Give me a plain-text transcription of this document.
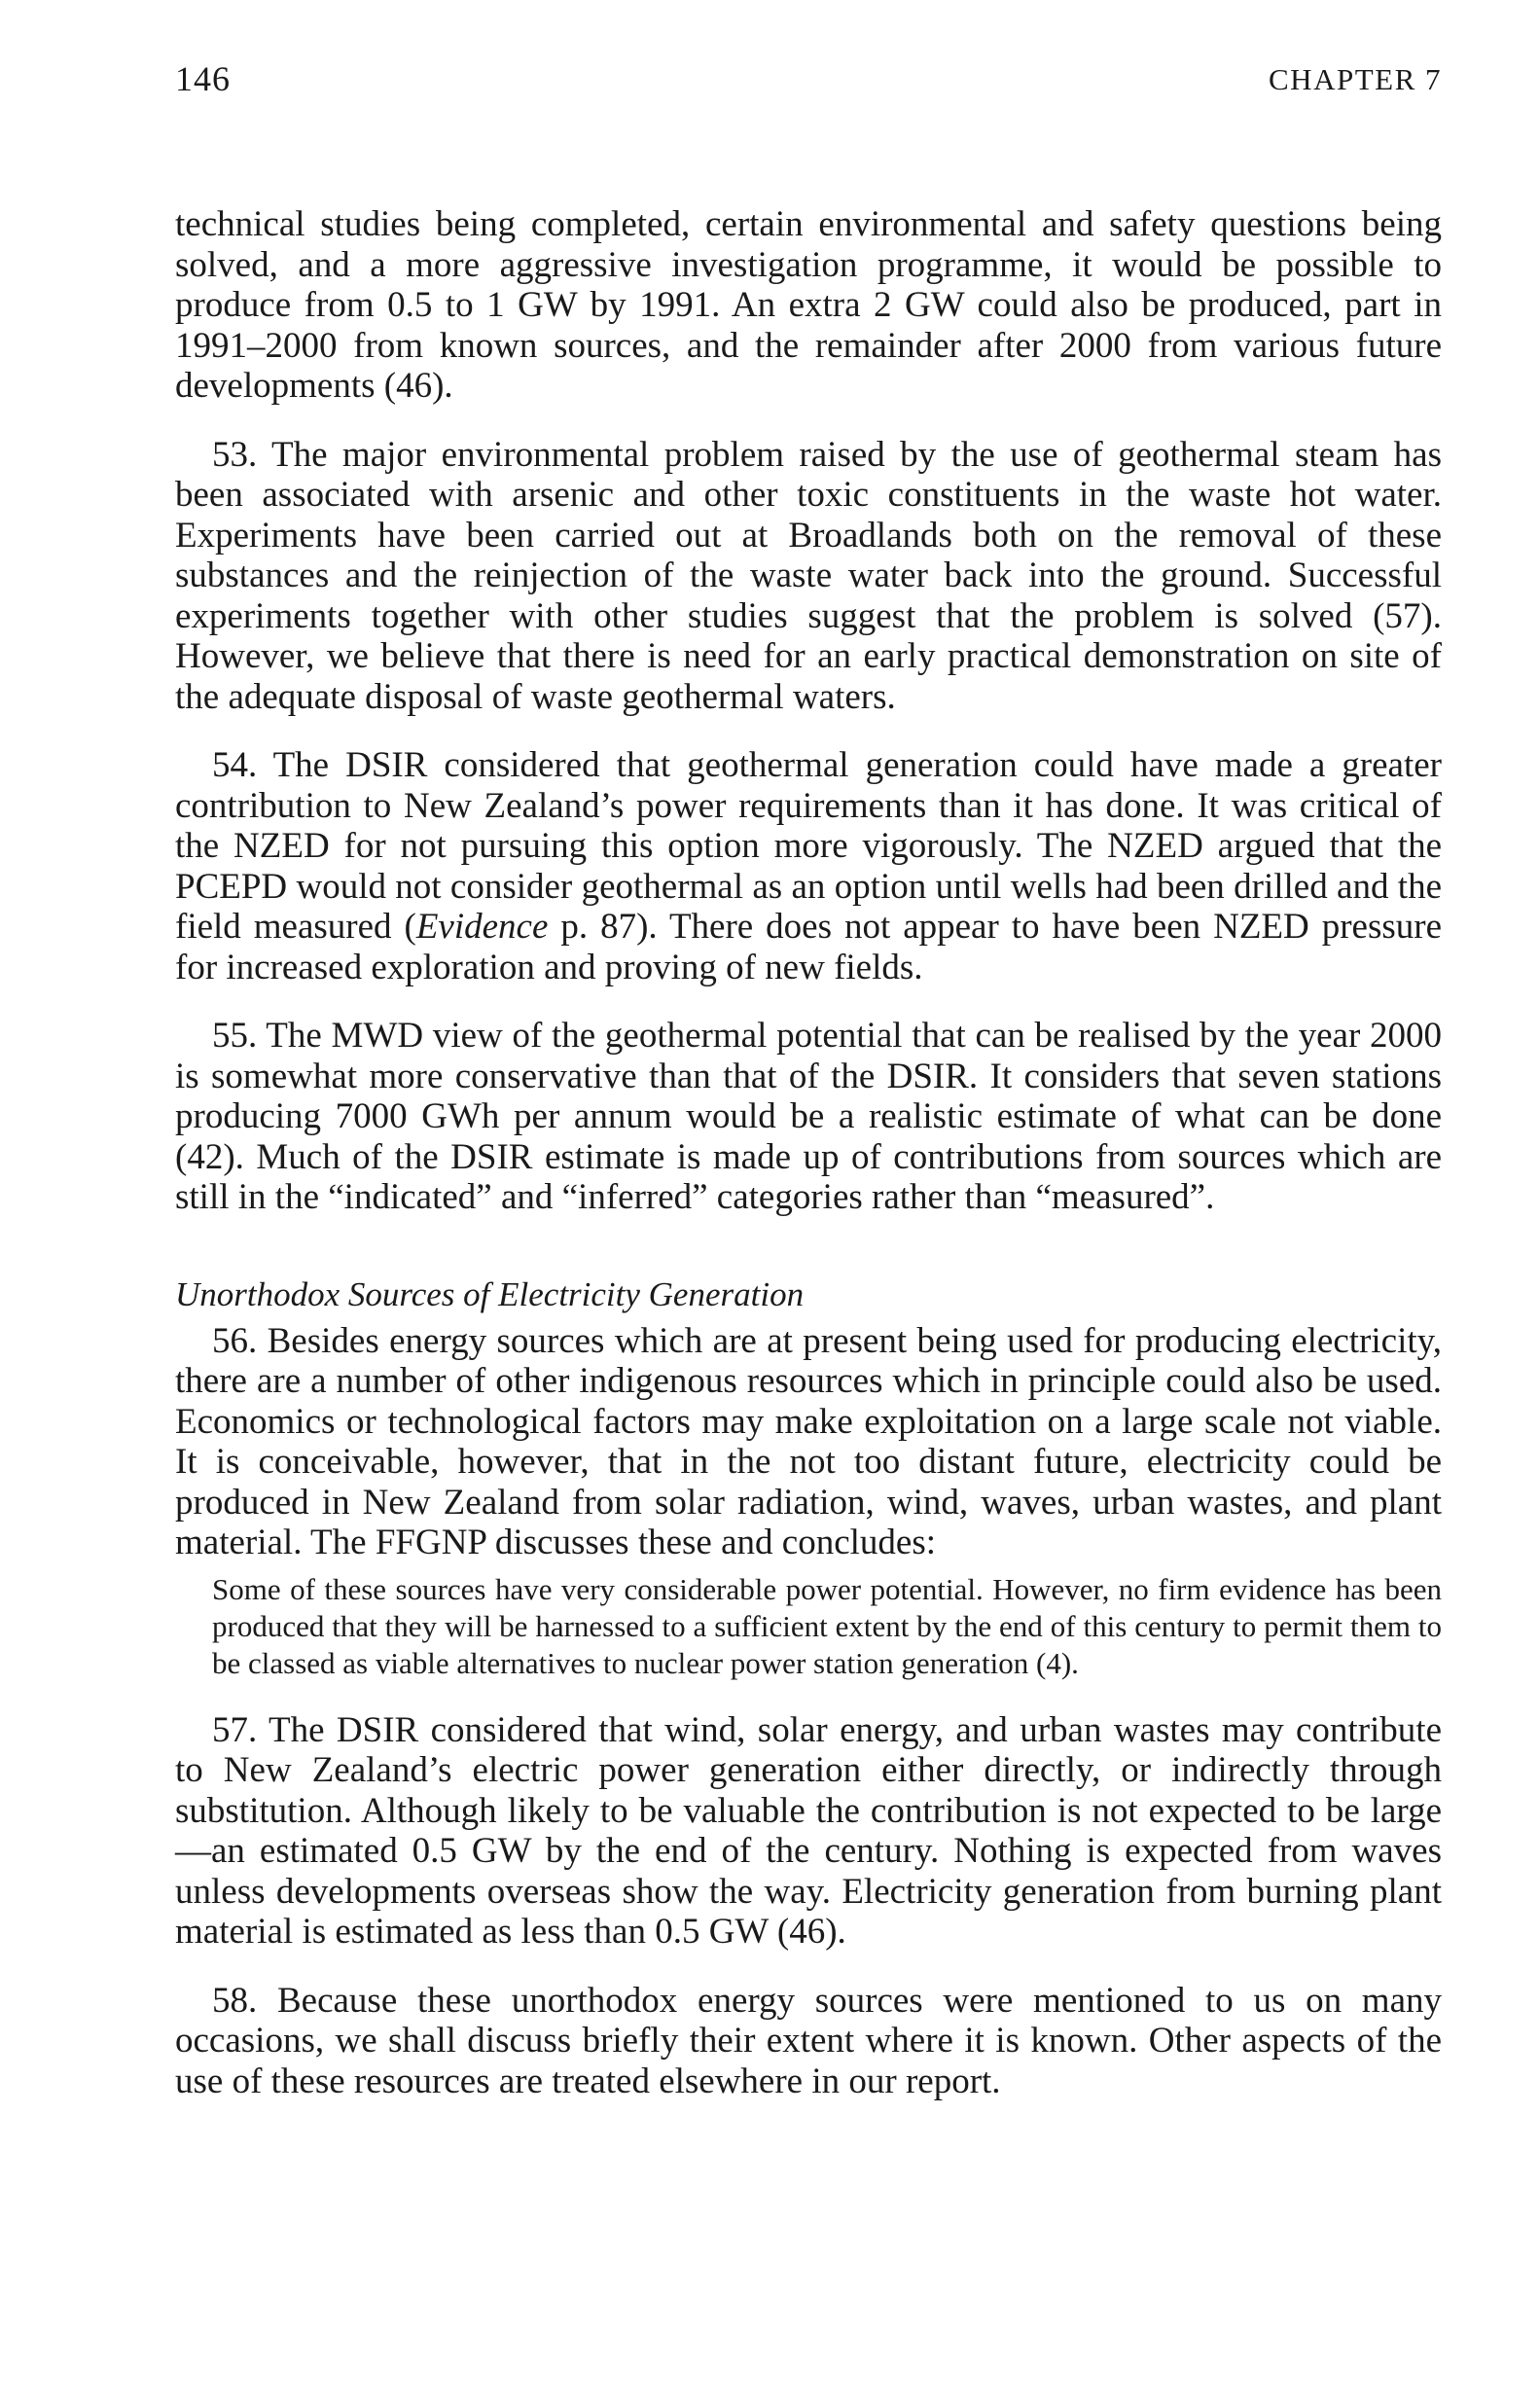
146	CHAPTER 7

technical studies being completed, certain environmental and safety questions being solved, and a more aggressive investigation programme, it would be possible to produce from 0.5 to 1 GW by 1991. An extra 2 GW could also be produced, part in 1991–2000 from known sources, and the remainder after 2000 from various future developments (46).

53. The major environmental problem raised by the use of geothermal steam has been associated with arsenic and other toxic constituents in the waste hot water. Experiments have been carried out at Broadlands both on the removal of these substances and the reinjection of the waste water back into the ground. Successful experiments together with other studies suggest that the problem is solved (57). However, we believe that there is need for an early practical demonstration on site of the adequate disposal of waste geothermal waters.

54. The DSIR considered that geothermal generation could have made a greater contribution to New Zealand’s power requirements than it has done. It was critical of the NZED for not pursuing this option more vigorously. The NZED argued that the PCEPD would not consider geothermal as an option until wells had been drilled and the field measured (Evidence p. 87). There does not appear to have been NZED pressure for increased exploration and proving of new fields.

55. The MWD view of the geothermal potential that can be realised by the year 2000 is somewhat more conservative than that of the DSIR. It considers that seven stations producing 7000 GWh per annum would be a realistic estimate of what can be done (42). Much of the DSIR estimate is made up of contributions from sources which are still in the “indicated” and “inferred” categories rather than “measured”.

Unorthodox Sources of Electricity Generation

56. Besides energy sources which are at present being used for producing electricity, there are a number of other indigenous resources which in principle could also be used. Economics or technological factors may make exploitation on a large scale not viable. It is conceivable, however, that in the not too distant future, electricity could be produced in New Zealand from solar radiation, wind, waves, urban wastes, and plant material. The FFGNP discusses these and concludes:

Some of these sources have very considerable power potential. However, no firm evidence has been produced that they will be harnessed to a sufficient extent by the end of this century to permit them to be classed as viable alternatives to nuclear power station generation (4).

57. The DSIR considered that wind, solar energy, and urban wastes may contribute to New Zealand’s electric power generation either directly, or indirectly through substitution. Although likely to be valuable the contribution is not expected to be large—an estimated 0.5 GW by the end of the century. Nothing is expected from waves unless developments overseas show the way. Electricity generation from burning plant material is estimated as less than 0.5 GW (46).

58. Because these unorthodox energy sources were mentioned to us on many occasions, we shall discuss briefly their extent where it is known. Other aspects of the use of these resources are treated elsewhere in our report.
